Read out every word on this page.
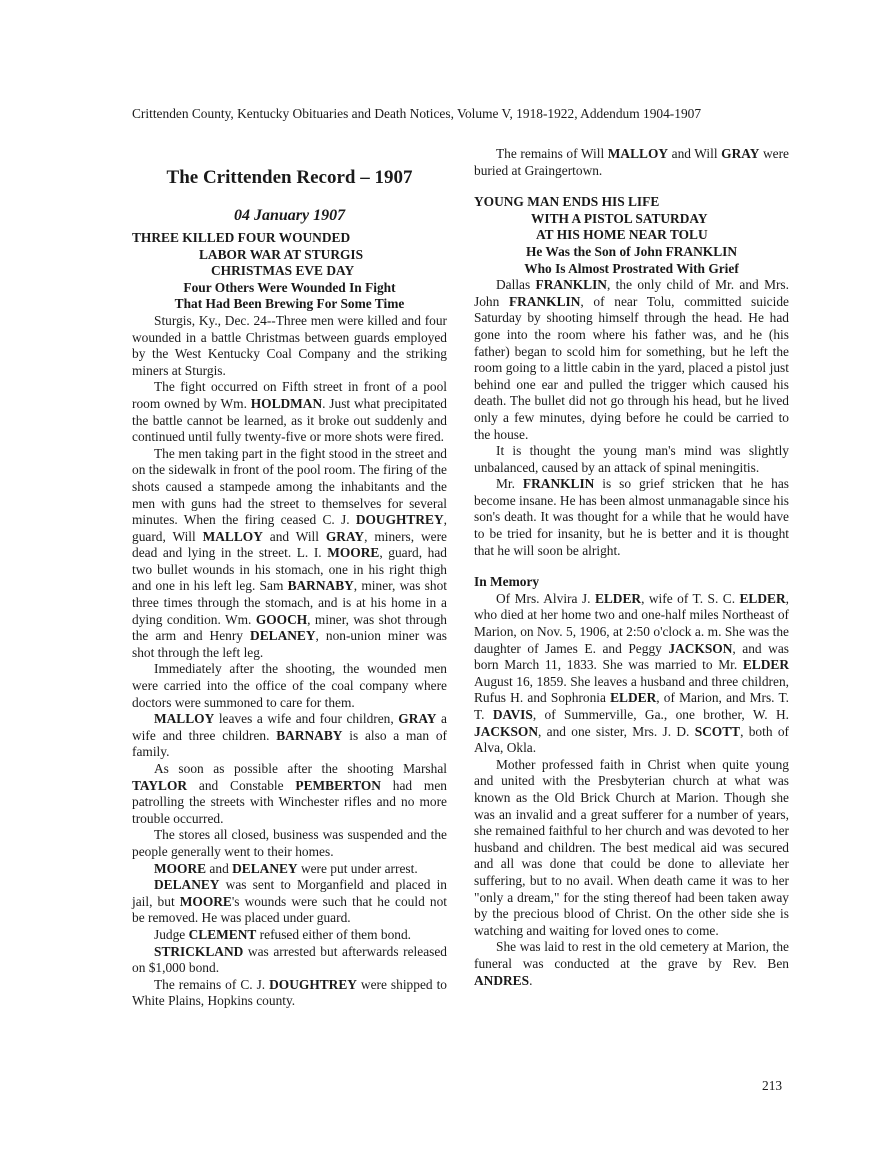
Crittenden County, Kentucky Obituaries and Death Notices, Volume V, 1918-1922, Addendum 1904-1907
The Crittenden Record – 1907
04 January 1907
THREE KILLED FOUR WOUNDED
LABOR WAR AT STURGIS
CHRISTMAS EVE DAY
Four Others Were Wounded In Fight
That Had Been Brewing For Some Time
Sturgis, Ky., Dec. 24--Three men were killed and four wounded in a battle Christmas between guards employed by the West Kentucky Coal Company and the striking miners at Sturgis.
The fight occurred on Fifth street in front of a pool room owned by Wm. HOLDMAN. Just what precipitated the battle cannot be learned, as it broke out suddenly and continued until fully twenty-five or more shots were fired.
The men taking part in the fight stood in the street and on the sidewalk in front of the pool room. The firing of the shots caused a stampede among the inhabitants and the men with guns had the street to themselves for several minutes. When the firing ceased C. J. DOUGHTREY, guard, Will MALLOY and Will GRAY, miners, were dead and lying in the street. L. I. MOORE, guard, had two bullet wounds in his stomach, one in his right thigh and one in his left leg. Sam BARNABY, miner, was shot three times through the stomach, and is at his home in a dying condition. Wm. GOOCH, miner, was shot through the arm and Henry DELANEY, non-union miner was shot through the left leg.
Immediately after the shooting, the wounded men were carried into the office of the coal company where doctors were summoned to care for them.
MALLOY leaves a wife and four children, GRAY a wife and three children. BARNABY is also a man of family.
As soon as possible after the shooting Marshal TAYLOR and Constable PEMBERTON had men patrolling the streets with Winchester rifles and no more trouble occurred.
The stores all closed, business was suspended and the people generally went to their homes.
MOORE and DELANEY were put under arrest.
DELANEY was sent to Morganfield and placed in jail, but MOORE's wounds were such that he could not be removed. He was placed under guard.
Judge CLEMENT refused either of them bond.
STRICKLAND was arrested but afterwards released on $1,000 bond.
The remains of C. J. DOUGHTREY were shipped to White Plains, Hopkins county.
The remains of Will MALLOY and Will GRAY were buried at Graingertown.
YOUNG MAN ENDS HIS LIFE
WITH A PISTOL SATURDAY
AT HIS HOME NEAR TOLU
He Was the Son of John FRANKLIN
Who Is Almost Prostrated With Grief
Dallas FRANKLIN, the only child of Mr. and Mrs. John FRANKLIN, of near Tolu, committed suicide Saturday by shooting himself through the head. He had gone into the room where his father was, and he (his father) began to scold him for something, but he left the room going to a little cabin in the yard, placed a pistol just behind one ear and pulled the trigger which caused his death. The bullet did not go through his head, but he lived only a few minutes, dying before he could be carried to the house.
It is thought the young man's mind was slightly unbalanced, caused by an attack of spinal meningitis.
Mr. FRANKLIN is so grief stricken that he has become insane. He has been almost unmanagable since his son's death. It was thought for a while that he would have to be tried for insanity, but he is better and it is thought that he will soon be alright.
In Memory
Of Mrs. Alvira J. ELDER, wife of T. S. C. ELDER, who died at her home two and one-half miles Northeast of Marion, on Nov. 5, 1906, at 2:50 o'clock a. m. She was the daughter of James E. and Peggy JACKSON, and was born March 11, 1833. She was married to Mr. ELDER August 16, 1859. She leaves a husband and three children, Rufus H. and Sophronia ELDER, of Marion, and Mrs. T. T. DAVIS, of Summerville, Ga., one brother, W. H. JACKSON, and one sister, Mrs. J. D. SCOTT, both of Alva, Okla.
Mother professed faith in Christ when quite young and united with the Presbyterian church at what was known as the Old Brick Church at Marion. Though she was an invalid and a great sufferer for a number of years, she remained faithful to her church and was devoted to her husband and children. The best medical aid was secured and all was done that could be done to alleviate her suffering, but to no avail. When death came it was to her "only a dream," for the sting thereof had been taken away by the precious blood of Christ. On the other side she is watching and waiting for loved ones to come.
She was laid to rest in the old cemetery at Marion, the funeral was conducted at the grave by Rev. Ben ANDRES.
213
